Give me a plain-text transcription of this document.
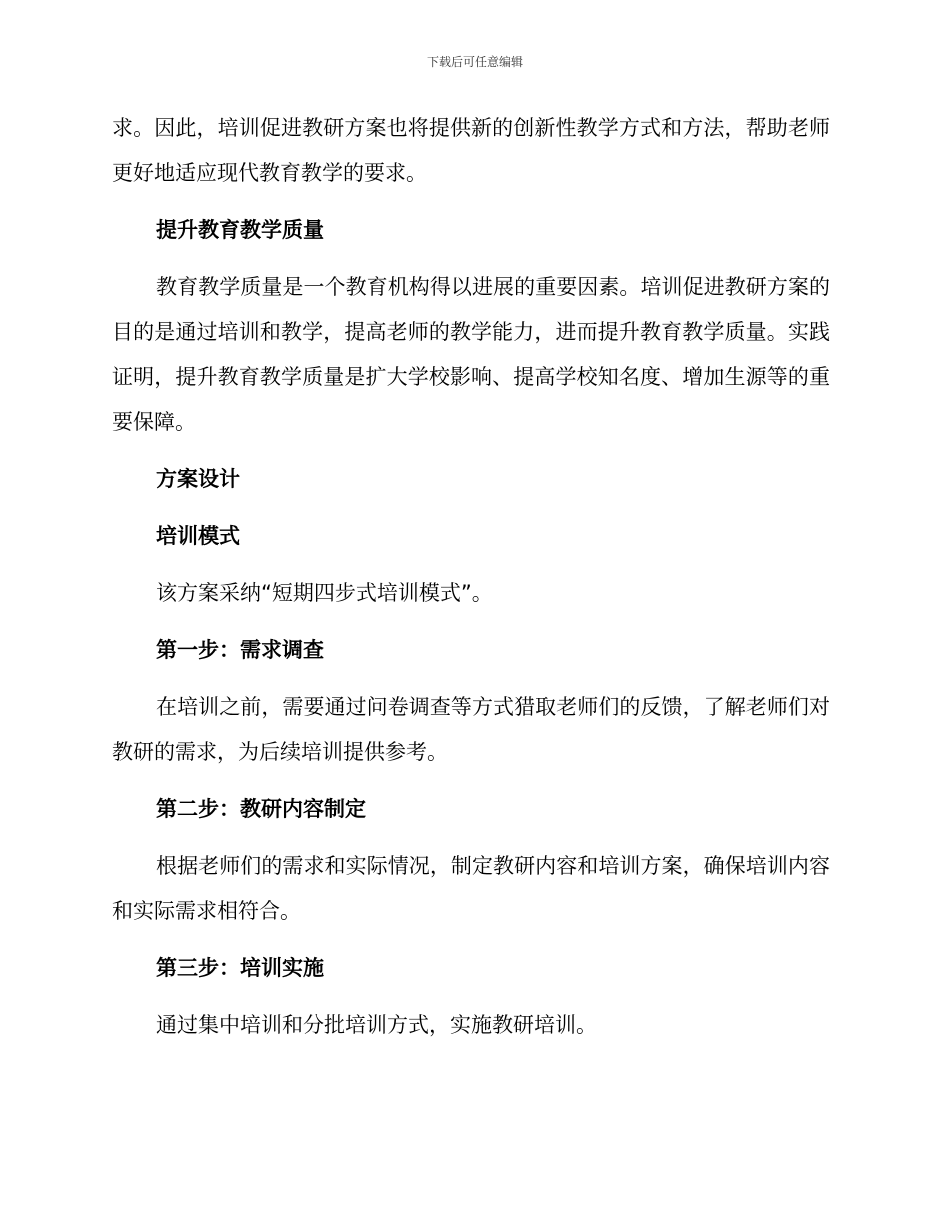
下载后可任意编辑

求。因此，培训促进教研方案也将提供新的创新性教学方式和方法，帮助老师更好地适应现代教育教学的要求。

提升教育教学质量

教育教学质量是一个教育机构得以进展的重要因素。培训促进教研方案的目的是通过培训和教学，提高老师的教学能力，进而提升教育教学质量。实践证明，提升教育教学质量是扩大学校影响、提高学校知名度、增加生源等的重要保障。

方案设计

培训模式

该方案采纳“短期四步式培训模式”。

第一步：需求调查

在培训之前，需要通过问卷调查等方式猎取老师们的反馈，了解老师们对教研的需求，为后续培训提供参考。

第二步：教研内容制定

根据老师们的需求和实际情况，制定教研内容和培训方案，确保培训内容和实际需求相符合。

第三步：培训实施

通过集中培训和分批培训方式，实施教研培训。
